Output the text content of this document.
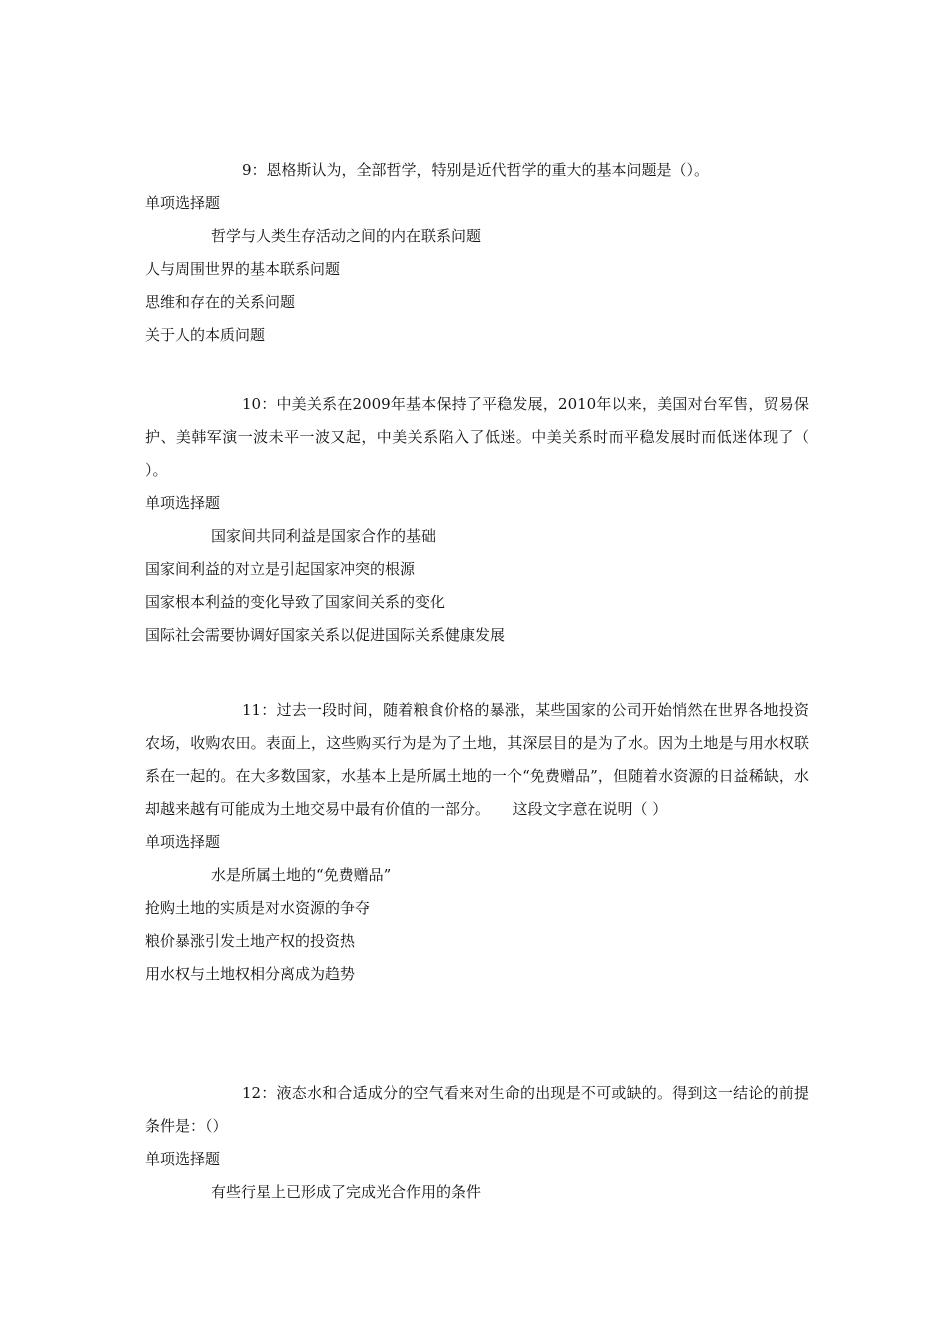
9：恩格斯认为，全部哲学，特别是近代哲学的重大的基本问题是（）。

单项选择题

哲学与人类生存活动之间的内在联系问题

人与周围世界的基本联系问题

思维和存在的关系问题

关于人的本质问题

10：中美关系在2009年基本保持了平稳发展，2010年以来，美国对台军售，贸易保护、美韩军演一波未平一波又起，中美关系陷入了低迷。中美关系时而平稳发展时而低迷体现了（ ）。

单项选择题

国家间共同利益是国家合作的基础

国家间利益的对立是引起国家冲突的根源

国家根本利益的变化导致了国家间关系的变化

国际社会需要协调好国家关系以促进国际关系健康发展

11：过去一段时间，随着粮食价格的暴涨，某些国家的公司开始悄然在世界各地投资农场，收购农田。表面上，这些购买行为是为了土地，其深层目的是为了水。因为土地是与用水权联系在一起的。在大多数国家，水基本上是所属土地的一个“免费赠品”，但随着水资源的日益稀缺，水却越来越有可能成为土地交易中最有价值的一部分。　　这段文字意在说明（ ）

单项选择题

水是所属土地的“免费赠品”

抢购土地的实质是对水资源的争夺

粮价暴涨引发土地产权的投资热

用水权与土地权相分离成为趋势

12：液态水和合适成分的空气看来对生命的出现是不可或缺的。得到这一结论的前提条件是：（）

单项选择题

有些行星上已形成了完成光合作用的条件
